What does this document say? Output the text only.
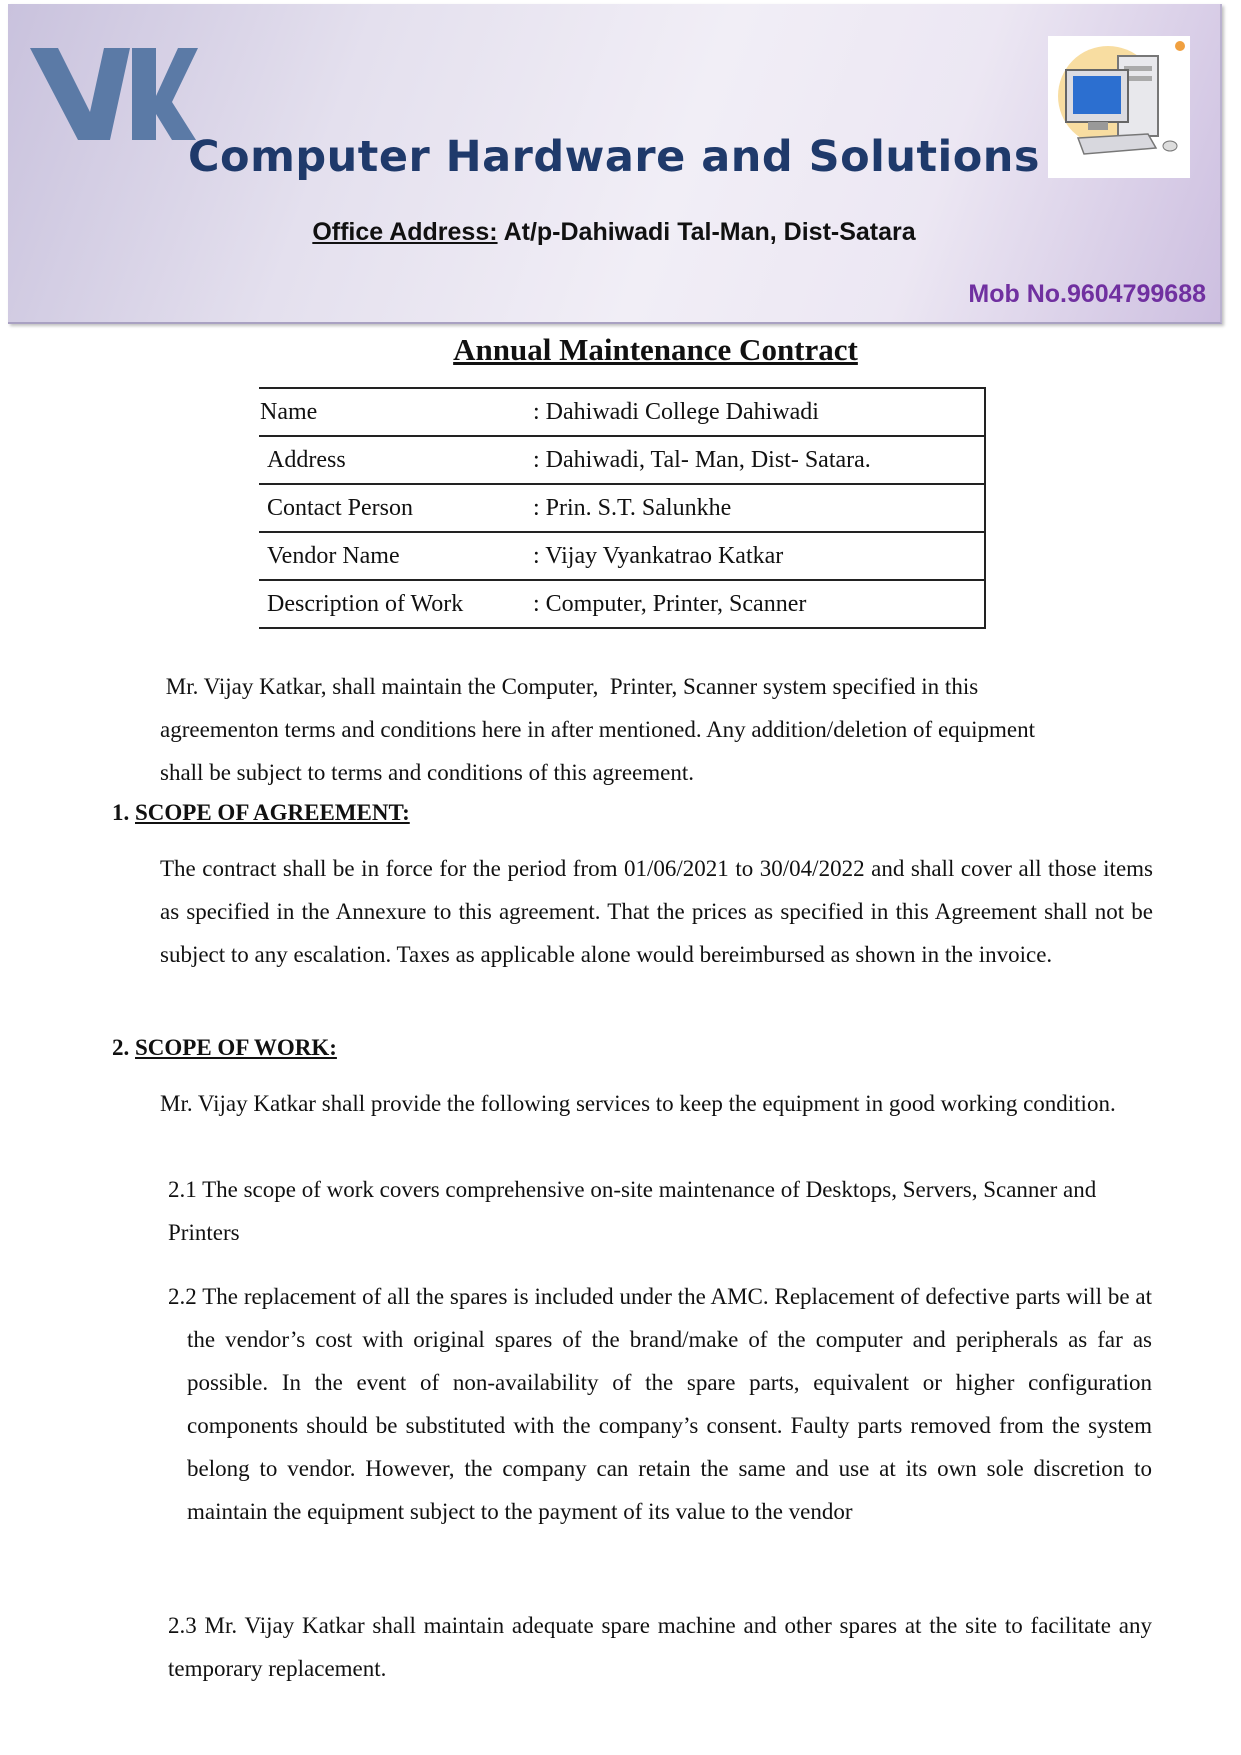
Computer Hardware and Solutions
Office Address: At/p-Dahiwadi Tal-Man, Dist-Satara
Mob No.9604799688
Annual Maintenance Contract
Name	: Dahiwadi College Dahiwadi
Address	: Dahiwadi, Tal- Man, Dist- Satara.
Contact Person	: Prin. S.T. Salunkhe
Vendor Name	: Vijay Vyankatrao Katkar
Description of Work	: Computer, Printer, Scanner
Mr. Vijay Katkar, shall maintain the Computer,  Printer, Scanner system specified in this
agreementon terms and conditions here in after mentioned. Any addition/deletion of equipment
shall be subject to terms and conditions of this agreement.
1. SCOPE OF AGREEMENT:
The contract shall be in force for the period from 01/06/2021 to 30/04/2022 and shall cover all those items as specified in the Annexure to this agreement. That the prices as specified in this Agreement shall not be subject to any escalation. Taxes as applicable alone would bereimbursed as shown in the invoice.
2. SCOPE OF WORK:
Mr. Vijay Katkar shall provide the following services to keep the equipment in good working condition.
2.1 The scope of work covers comprehensive on-site maintenance of Desktops, Servers, Scanner and Printers
2.2 The replacement of all the spares is included under the AMC. Replacement of defective parts will be at the vendor’s cost with original spares of the brand/make of the computer and peripherals as far as possible. In the event of non-availability of the spare parts, equivalent or higher configuration components should be substituted with the company’s consent. Faulty parts removed from the system belong to vendor. However, the company can retain the same and use at its own sole discretion to maintain the equipment subject to the payment of its value to the vendor
2.3 Mr. Vijay Katkar shall maintain adequate spare machine and other spares at the site to facilitate any temporary replacement.
